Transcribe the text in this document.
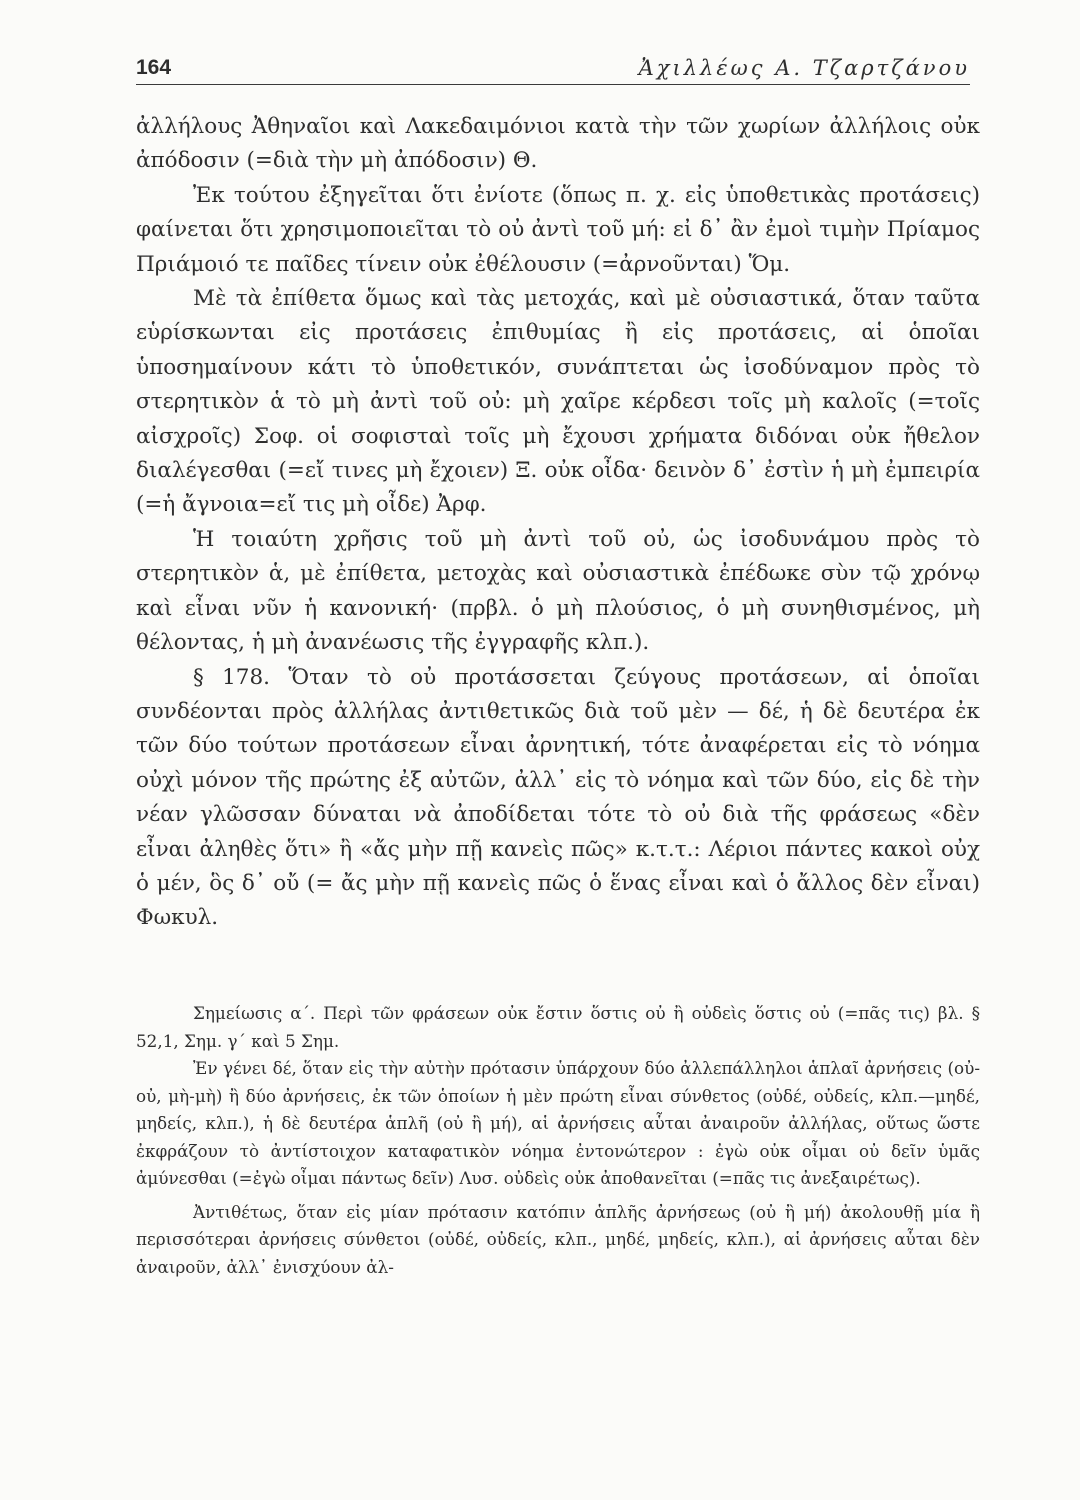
164	Ἀχιλλέως Α. Τζαρτζάνου

ἀλλήλους Ἀθηναῖοι καὶ Λακεδαιμόνιοι κατὰ τὴν τῶν χωρίων ἀλλήλοις οὐκ ἀπόδοσιν (=διὰ τὴν μὴ ἀπόδοσιν) Θ.

Ἐκ τούτου ἐξηγεῖται ὅτι ἐνίοτε (ὅπως π. χ. εἰς ὑποθετικὰς προτάσεις) φαίνεται ὅτι χρησιμοποιεῖται τὸ οὐ ἀντὶ τοῦ μή: εἰ δ᾽ ἂν ἐμοὶ τιμὴν Πρίαμος Πριάμοιό τε παῖδες τίνειν οὐκ ἐθέλουσιν (=ἀρνοῦνται) Ὅμ.

Μὲ τὰ ἐπίθετα ὅμως καὶ τὰς μετοχάς, καὶ μὲ οὐσιαστικά, ὅταν ταῦτα εὑρίσκωνται εἰς προτάσεις ἐπιθυμίας ἢ εἰς προτάσεις, αἱ ὁποῖαι ὑποσημαίνουν κάτι τὸ ὑποθετικόν, συνάπτεται ὡς ἰσοδύναμον πρὸς τὸ στερητικὸν ἁ τὸ μὴ ἀντὶ τοῦ οὐ: μὴ χαῖρε κέρδεσι τοῖς μὴ καλοῖς (=τοῖς αἰσχροῖς) Σοφ. οἱ σοφισταὶ τοῖς μὴ ἔχουσι χρήματα διδόναι οὐκ ἤθελον διαλέγεσθαι (=εἴ τινες μὴ ἔχοιεν) Ξ. οὐκ οἶδα· δεινὸν δ᾽ ἐστὶν ἡ μὴ ἐμπειρία (=ἡ ἄγνοια=εἴ τις μὴ οἶδε) Ἀρφ.

Ἡ τοιαύτη χρῆσις τοῦ μὴ ἀντὶ τοῦ οὐ, ὡς ἰσοδυνάμου πρὸς τὸ στερητικὸν ἁ, μὲ ἐπίθετα, μετοχὰς καὶ οὐσιαστικὰ ἐπέδωκε σὺν τῷ χρόνῳ καὶ εἶναι νῦν ἡ κανονική· (πρβλ. ὁ μὴ πλούσιος, ὁ μὴ συνηθισμένος, μὴ θέλοντας, ἡ μὴ ἀνανέωσις τῆς ἐγγραφῆς κλπ.).

§ 178. Ὅταν τὸ οὐ προτάσσεται ζεύγους προτάσεων, αἱ ὁποῖαι συνδέονται πρὸς ἀλλήλας ἀντιθετικῶς διὰ τοῦ μὲν — δέ, ἡ δὲ δευτέρα ἐκ τῶν δύο τούτων προτάσεων εἶναι ἀρνητική, τότε ἀναφέρεται εἰς τὸ νόημα οὐχὶ μόνον τῆς πρώτης ἐξ αὐτῶν, ἀλλ᾽ εἰς τὸ νόημα καὶ τῶν δύο, εἰς δὲ τὴν νέαν γλῶσσαν δύναται νὰ ἀποδίδεται τότε τὸ οὐ διὰ τῆς φράσεως «δὲν εἶναι ἀληθὲς ὅτι» ἢ «ἄς μὴν πῇ κανεὶς πῶς» κ.τ.τ.: Λέριοι πάντες κακοὶ οὐχ ὁ μέν, ὃς δ᾽ οὔ (= ἄς μὴν πῇ κανεὶς πῶς ὁ ἕνας εἶναι καὶ ὁ ἄλλος δὲν εἶναι) Φωκυλ.

Σημείωσις α΄. Περὶ τῶν φράσεων οὐκ ἔστιν ὅστις οὐ ἢ οὐδεὶς ὅστις οὐ (=πᾶς τις) βλ. § 52,1, Σημ. γ΄ καὶ 5 Σημ.

Ἐν γένει δέ, ὅταν εἰς τὴν αὐτὴν πρότασιν ὑπάρχουν δύο ἀλλεπάλληλοι ἁπλαῖ ἀρνήσεις (οὐ-οὐ, μὴ-μὴ) ἢ δύο ἀρνήσεις, ἐκ τῶν ὁποίων ἡ μὲν πρώτη εἶναι σύνθετος (οὐδέ, οὐδείς, κλπ.—μηδέ, μηδείς, κλπ.), ἡ δὲ δευτέρα ἁπλῆ (οὐ ἢ μή), αἱ ἀρνήσεις αὗται ἀναιροῦν ἀλλήλας, οὕτως ὥστε ἐκφράζουν τὸ ἀντίστοιχον καταφατικὸν νόημα ἐντονώτερον : ἐγὼ οὐκ οἶμαι οὐ δεῖν ὑμᾶς ἀμύνεσθαι (=ἐγὼ οἶμαι πάντως δεῖν) Λυσ. οὐδεὶς οὐκ ἀποθανεῖται (=πᾶς τις ἀνεξαιρέτως).

Ἀντιθέτως, ὅταν εἰς μίαν πρότασιν κατόπιν ἁπλῆς ἀρνήσεως (οὐ ἢ μή) ἀκολουθῇ μία ἢ περισσότεραι ἀρνήσεις σύνθετοι (οὐδέ, οὐδείς, κλπ., μηδέ, μηδείς, κλπ.), αἱ ἀρνήσεις αὗται δὲν ἀναιροῦν, ἀλλ᾽ ἐνισχύουν ἀλ-
